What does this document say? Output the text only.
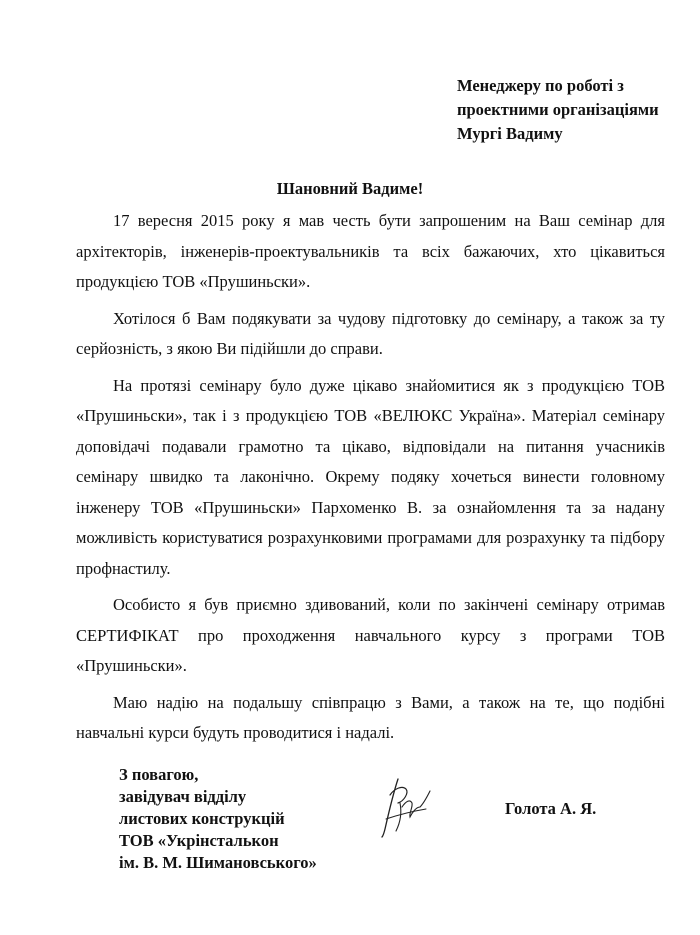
Менеджеру по роботі з
проектними організаціями
Мургі Вадиму
Шановний Вадиме!

17 вересня 2015 року я мав честь бути запрошеним на Ваш семінар для архітекторів, інженерів-проектувальників та всіх бажаючих, хто цікавиться продукцією ТОВ «Прушиньски».

Хотілося б Вам подякувати за чудову підготовку до семінару, а також за ту серйозність, з якою Ви підійшли до справи.

На протязі семінару було дуже цікаво знайомитися як з продукцією ТОВ «Прушиньски», так і з продукцією ТОВ «ВЕЛЮКС Україна». Матеріал семінару доповідачі подавали грамотно та цікаво, відповідали на питання учасників семінару швидко та лаконічно. Окрему подяку хочеться винести головному інженеру ТОВ «Прушиньски» Пархоменко В. за ознайомлення та за надану можливість користуватися розрахунковими програмами для розрахунку та підбору профнастилу.

Особисто я був приємно здивований, коли по закінчені семінару отримав СЕРТИФІКАТ про проходження навчального курсу з програми ТОВ «Прушиньски».

Маю надію на подальшу співпрацю з Вами, а також на те, що подібні навчальні курси будуть проводитися і надалі.

З повагою,
завідувач відділу
листових конструкцій
ТОВ «Укрінсталькон
ім. В. М. Шимановського»
Голота А. Я.
